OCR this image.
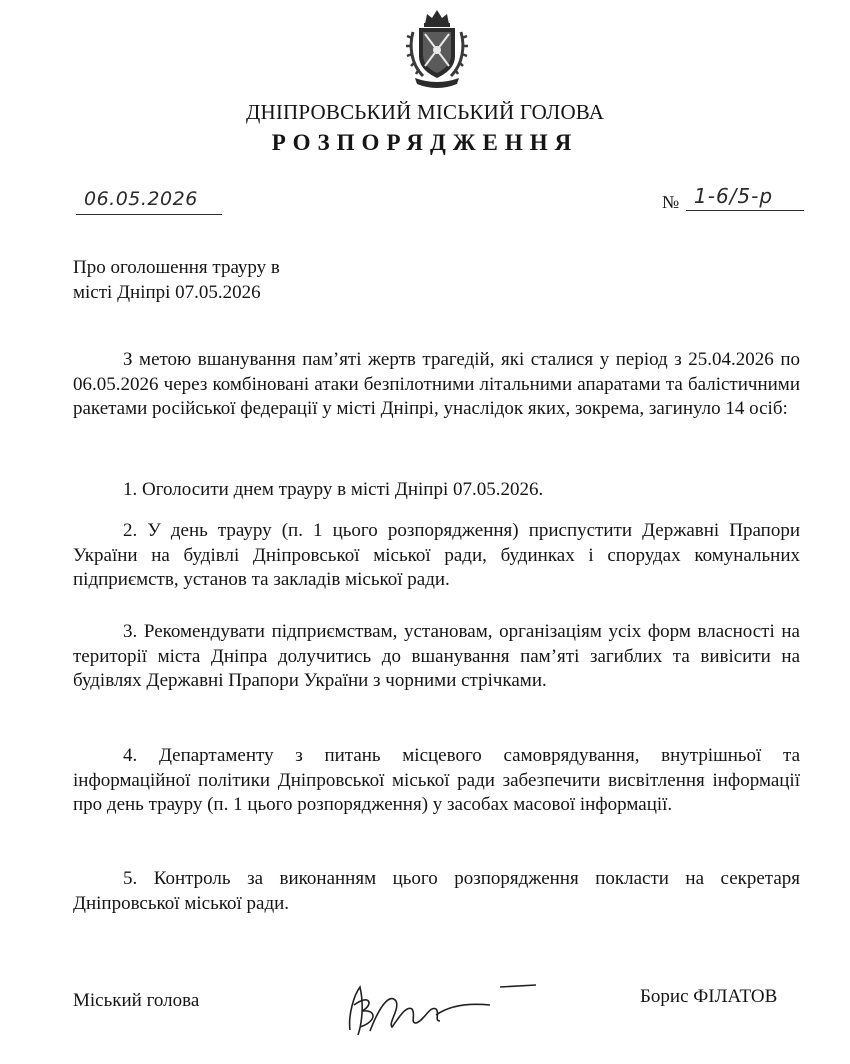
ДНІПРОВСЬКИЙ МІСЬКИЙ ГОЛОВА
РОЗПОРЯДЖЕННЯ
06.05.2026	№ 1-6/5-р
Про оголошення трауру в
місті Дніпрі 07.05.2026

З метою вшанування пам’яті жертв трагедій, які сталися у період з 25.04.2026 по 06.05.2026 через комбіновані атаки безпілотними літальними апаратами та балістичними ракетами російської федерації у місті Дніпрі, унаслідок яких, зокрема, загинуло 14 осіб:

1. Оголосити днем трауру в місті Дніпрі 07.05.2026.

2. У день трауру (п. 1 цього розпорядження) приспустити Державні Прапори України на будівлі Дніпровської міської ради, будинках і спорудах комунальних підприємств, установ та закладів міської ради.

3. Рекомендувати підприємствам, установам, організаціям усіх форм власності на території міста Дніпра долучитись до вшанування пам’яті загиблих та вивісити на будівлях Державні Прапори України з чорними стрічками.

4. Департаменту з питань місцевого самоврядування, внутрішньої та інформаційної політики Дніпровської міської ради забезпечити висвітлення інформації про день трауру (п. 1 цього розпорядження) у засобах масової інформації.

5. Контроль за виконанням цього розпорядження покласти на секретаря Дніпровської міської ради.

Міський голова	Борис ФІЛАТОВ
